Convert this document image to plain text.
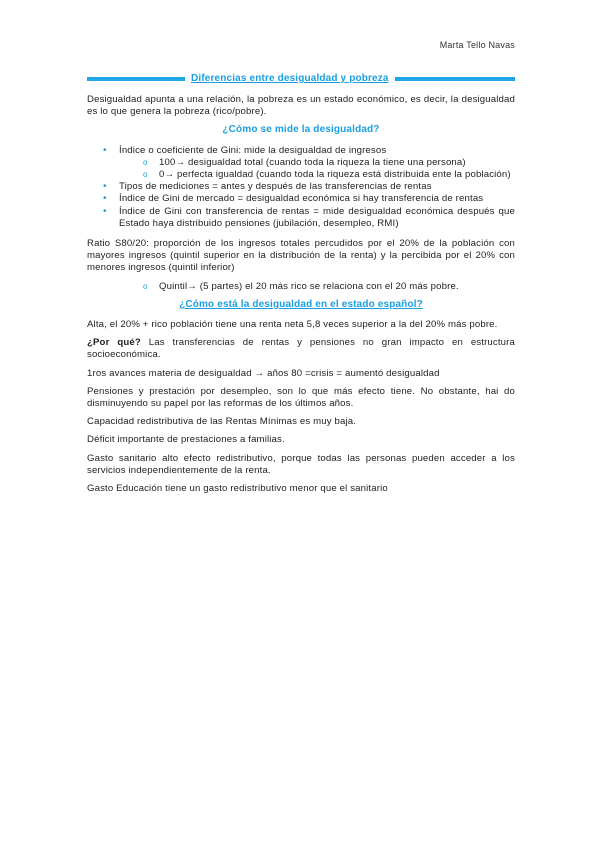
Marta Tello Navas
Diferencias entre desigualdad y pobreza

Desigualdad apunta a una relación, la pobreza es un estado económico, es decir, la desigualdad es lo que genera la pobreza (rico/pobre).

¿Cómo se mide la desigualdad?
• Índice o coeficiente de Gini: mide la desigualdad de ingresos
o 100→ desigualdad total (cuando toda la riqueza la tiene una persona)
o 0→ perfecta igualdad (cuando toda la riqueza está distribuida ente la población)
• Tipos de mediciones = antes y después de las transferencias de rentas
• Índice de Gini de mercado = desigualdad económica si hay transferencia de rentas
• Índice de Gini con transferencia de rentas = mide desigualdad económica después que Estado haya distribuido pensiones (jubilación, desempleo, RMI)

Ratio S80/20: proporción de los ingresos totales percudidos por el 20% de la población con mayores ingresos (quintil superior en la distribución de la renta) y la percibida por el 20% con menores ingresos (quintil inferior)

o Quintil→ (5 partes) el 20 más rico se relaciona con el 20 más pobre.
¿Cómo está la desigualdad en el estado español?

Alta, el 20% + rico población tiene una renta neta 5,8 veces superior a la del 20% más pobre.

¿Por qué? Las transferencias de rentas y pensiones no gran impacto en estructura socioeconómica.

1ros avances materia de desigualdad → años 80 =crisis = aumentó desigualdad

Pensiones y prestación por desempleo, son lo que más efecto tiene. No obstante, hai do disminuyendo su papel por las reformas de los últimos años.

Capacidad redistributiva de las Rentas Mínimas es muy baja.

Déficit importante de prestaciones a familias.

Gasto sanitario alto efecto redistributivo, porque todas las personas pueden acceder a los servicios independientemente de la renta.

Gasto Educación tiene un gasto redistributivo menor que el sanitario
